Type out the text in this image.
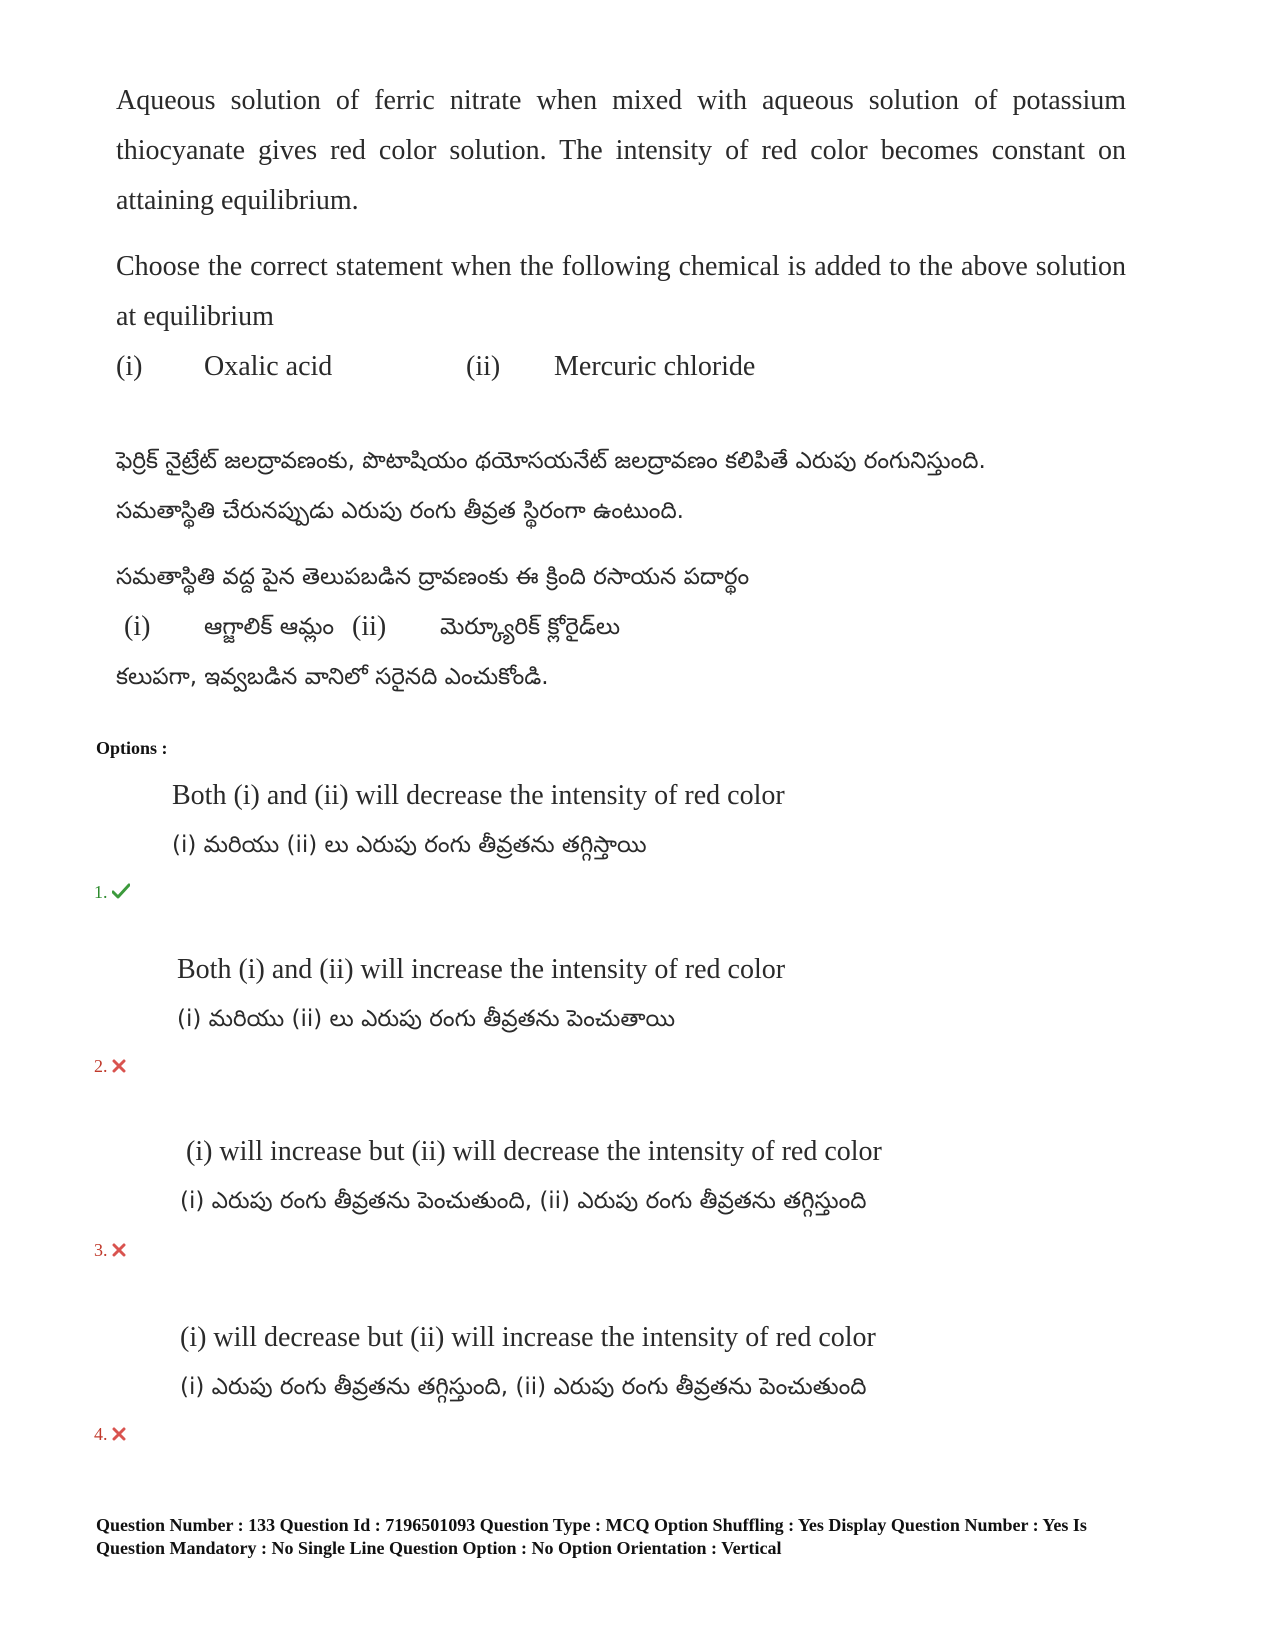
Aqueous solution of ferric nitrate when mixed with aqueous solution of potassium thiocyanate gives red color solution. The intensity of red color becomes constant on attaining equilibrium.

Choose the correct statement when the following chemical is added to the above solution at equilibrium

(i)	Oxalic acid	(ii)	Mercuric chloride
ఫెర్రిక్ నైట్రేట్ జలద్రావణంకు, పొటాషియం థయోసయనేట్ జలద్రావణం కలిపితే ఎరుపు రంగునిస్తుంది.
సమతాస్థితి చేరునప్పుడు ఎరుపు రంగు తీవ్రత స్థిరంగా ఉంటుంది.
సమతాస్థితి వద్ద పైన తెలుపబడిన ద్రావణంకు ఈ క్రింది రసాయన పదార్థం
(i)	ఆగ్జాలిక్ ఆమ్లం (ii)	మెర్క్యూరిక్ క్లోరైడ్‌లు
కలుపగా, ఇవ్వబడిన వానిలో సరైనది ఎంచుకోండి.
Options :
Both (i) and (ii) will decrease the intensity of red color
(i) మరియు (ii) లు ఎరుపు రంగు తీవ్రతను తగ్గిస్తాయి
1.
Both (i) and (ii) will increase the intensity of red color
(i) మరియు (ii) లు ఎరుపు రంగు తీవ్రతను పెంచుతాయి
2.
(i) will increase but (ii) will decrease the intensity of red color
(i) ఎరుపు రంగు తీవ్రతను పెంచుతుంది, (ii) ఎరుపు రంగు తీవ్రతను తగ్గిస్తుంది
3.
(i) will decrease but (ii) will increase the intensity of red color
(i) ఎరుపు రంగు తీవ్రతను తగ్గిస్తుంది, (ii) ఎరుపు రంగు తీవ్రతను పెంచుతుంది
4.
Question Number : 133 Question Id : 7196501093 Question Type : MCQ Option Shuffling : Yes Display Question Number : Yes Is
Question Mandatory : No Single Line Question Option : No Option Orientation : Vertical
